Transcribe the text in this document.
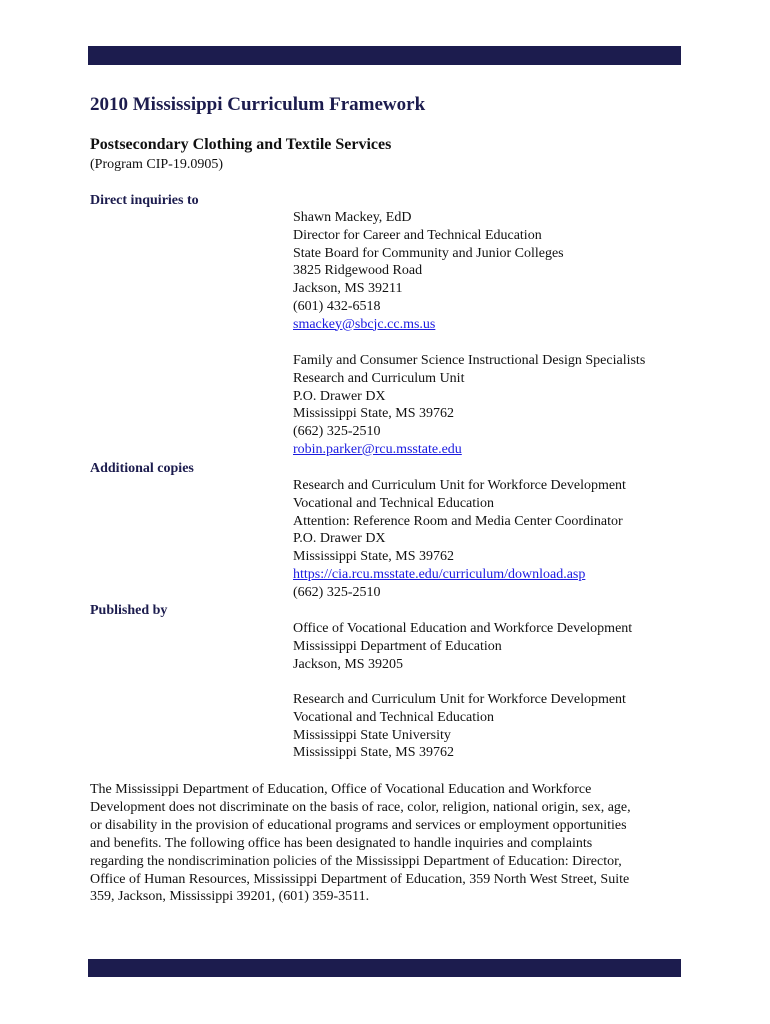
2010 Mississippi Curriculum Framework
Postsecondary Clothing and Textile Services
(Program CIP-19.0905)
Direct inquiries to
Shawn Mackey, EdD
Director for Career and Technical Education
State Board for Community and Junior Colleges
3825 Ridgewood Road
Jackson, MS 39211
(601) 432-6518
smackey@sbcjc.cc.ms.us
Family and Consumer Science Instructional Design Specialists
Research and Curriculum Unit
P.O. Drawer DX
Mississippi State, MS 39762
(662) 325-2510
robin.parker@rcu.msstate.edu
Additional copies
Research and Curriculum Unit for Workforce Development
Vocational and Technical Education
Attention: Reference Room and Media Center Coordinator
P.O. Drawer DX
Mississippi State, MS 39762
https://cia.rcu.msstate.edu/curriculum/download.asp
(662) 325-2510
Published by
Office of Vocational Education and Workforce Development
Mississippi Department of Education
Jackson, MS 39205
Research and Curriculum Unit for Workforce Development
Vocational and Technical Education
Mississippi State University
Mississippi State, MS 39762
The Mississippi Department of Education, Office of Vocational Education and Workforce
Development does not discriminate on the basis of race, color, religion, national origin, sex, age,
or disability in the provision of educational programs and services or employment opportunities
and benefits. The following office has been designated to handle inquiries and complaints
regarding the nondiscrimination policies of the Mississippi Department of Education: Director,
Office of Human Resources, Mississippi Department of Education, 359 North West Street, Suite
359, Jackson, Mississippi 39201, (601) 359-3511.
